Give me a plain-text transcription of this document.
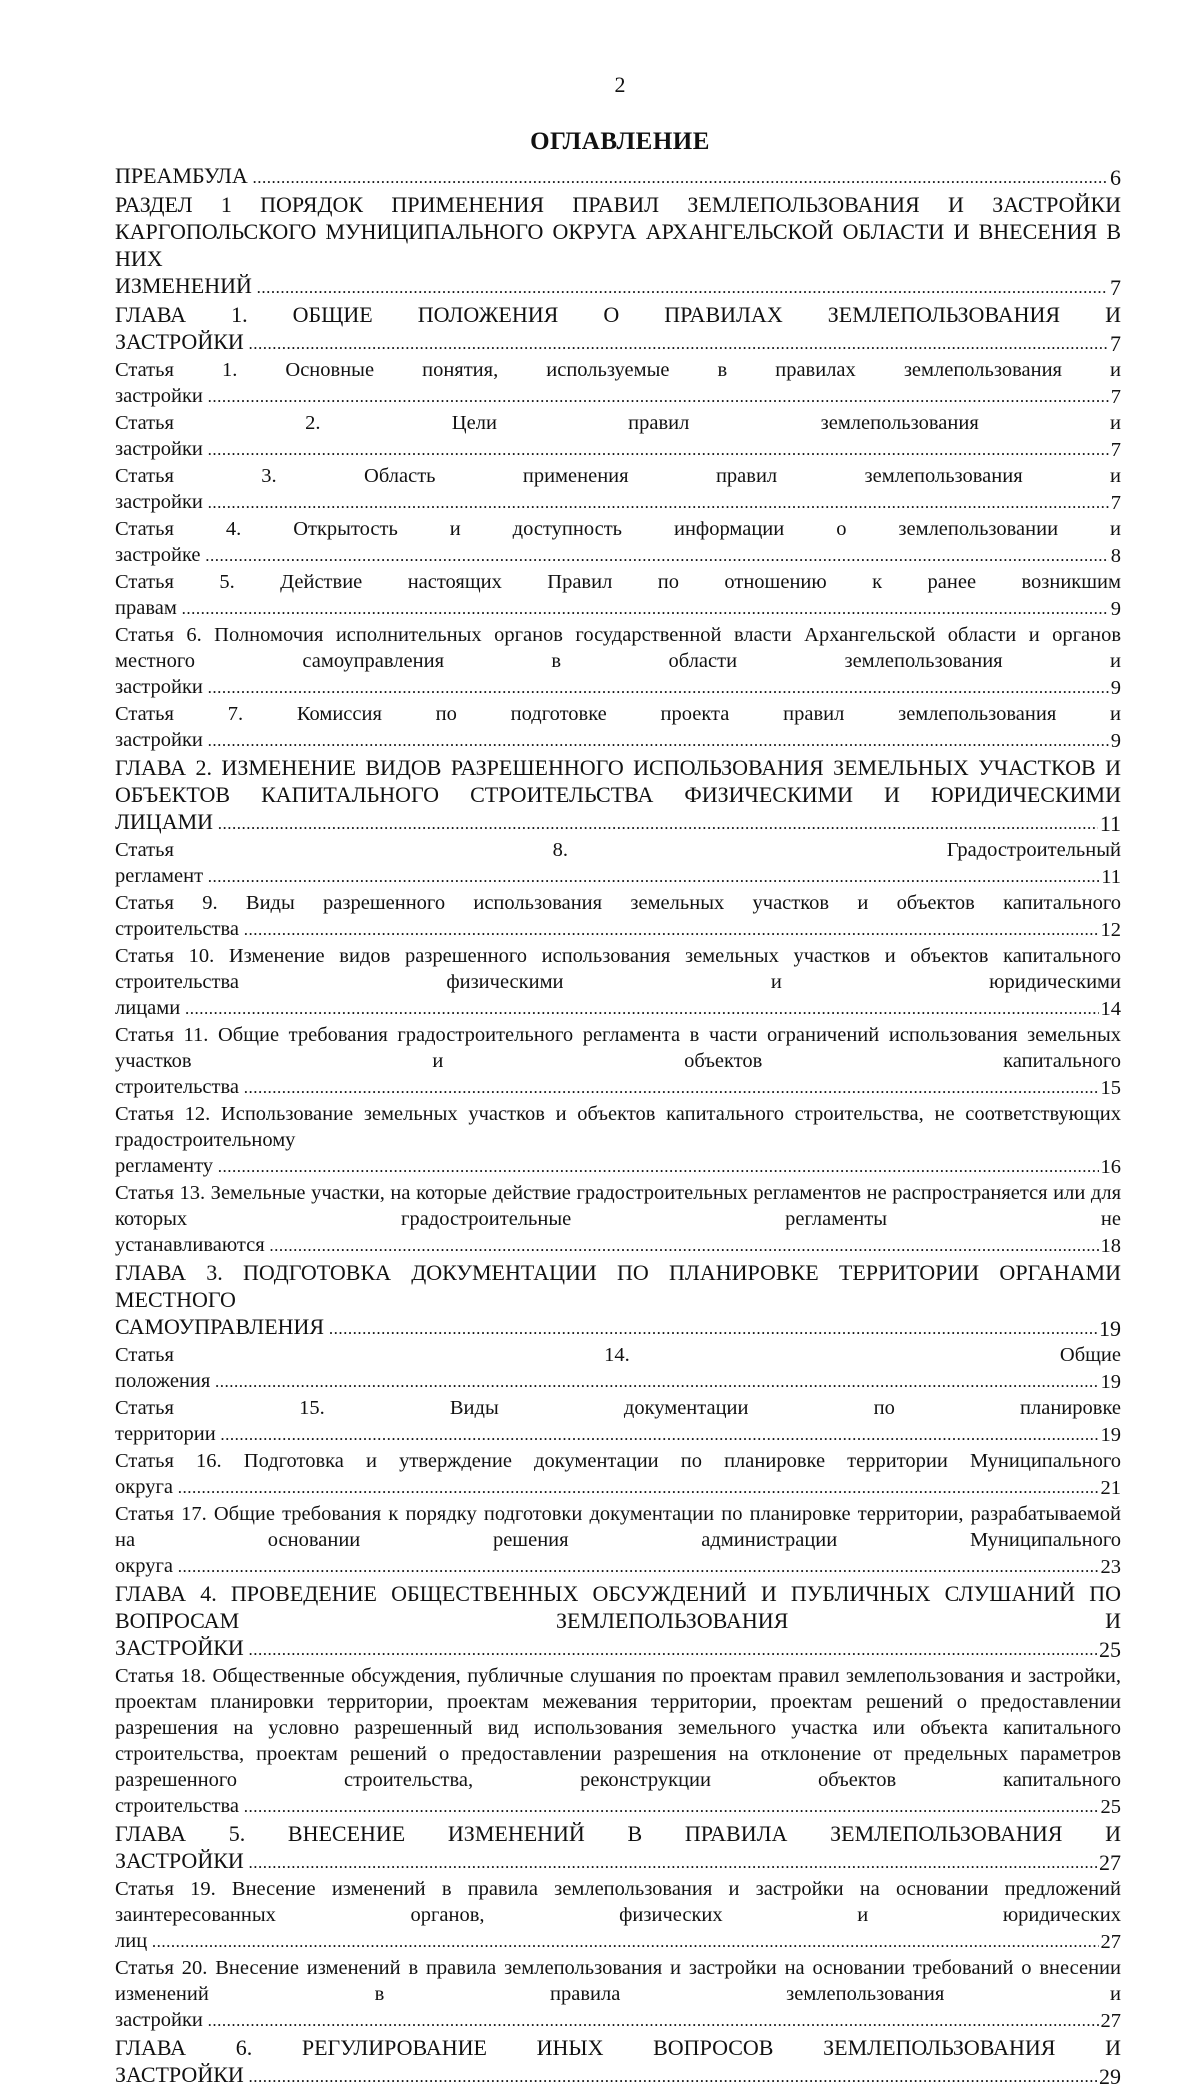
2
ОГЛАВЛЕНИЕ
ПРЕАМБУЛА .....	6
РАЗДЕЛ 1 ПОРЯДОК ПРИМЕНЕНИЯ ПРАВИЛ ЗЕМЛЕПОЛЬЗОВАНИЯ И ЗАСТРОЙКИ КАРГОПОЛЬСКОГО МУНИЦИПАЛЬНОГО ОКРУГА АРХАНГЕЛЬСКОЙ ОБЛАСТИ И ВНЕСЕНИЯ В НИХ ИЗМЕНЕНИЙ .....	7
ГЛАВА 1. ОБЩИЕ ПОЛОЖЕНИЯ О ПРАВИЛАХ ЗЕМЛЕПОЛЬЗОВАНИЯ И ЗАСТРОЙКИ .....	7
Статья 1. Основные понятия, используемые в правилах землепользования и застройки .....	7
Статья 2. Цели правил землепользования и застройки .....	7
Статья 3. Область применения правил землепользования и застройки .....	7
Статья 4. Открытость и доступность информации о землепользовании и застройке .....	8
Статья 5. Действие настоящих Правил по отношению к ранее возникшим правам .....	9
Статья 6. Полномочия исполнительных органов государственной власти Архангельской области и органов местного самоуправления в области землепользования и застройки .....	9
Статья 7. Комиссия по подготовке проекта правил землепользования и застройки .....	9
ГЛАВА 2. ИЗМЕНЕНИЕ ВИДОВ РАЗРЕШЕННОГО ИСПОЛЬЗОВАНИЯ ЗЕМЕЛЬНЫХ УЧАСТКОВ И ОБЪЕКТОВ КАПИТАЛЬНОГО СТРОИТЕЛЬСТВА ФИЗИЧЕСКИМИ И ЮРИДИЧЕСКИМИ ЛИЦАМИ .....	11
Статья 8. Градостроительный регламент .....	11
Статья 9. Виды разрешенного использования земельных участков и объектов капитального строительства .....	12
Статья 10. Изменение видов разрешенного использования земельных участков и объектов капитального строительства физическими и юридическими лицами .....	14
Статья 11. Общие требования градостроительного регламента в части ограничений использования земельных участков и объектов капитального строительства .....	15
Статья 12. Использование земельных участков и объектов капитального строительства, не соответствующих градостроительному регламенту .....	16
Статья 13. Земельные участки, на которые действие градостроительных регламентов не распространяется или для которых градостроительные регламенты не устанавливаются .....	18
ГЛАВА 3. ПОДГОТОВКА ДОКУМЕНТАЦИИ ПО ПЛАНИРОВКЕ ТЕРРИТОРИИ ОРГАНАМИ МЕСТНОГО САМОУПРАВЛЕНИЯ .....	19
Статья 14. Общие положения .....	19
Статья 15. Виды документации по планировке территории .....	19
Статья 16. Подготовка и утверждение документации по планировке территории Муниципального округа .....	21
Статья 17. Общие требования к порядку подготовки документации по планировке территории, разрабатываемой на основании решения администрации Муниципального округа .....	23
ГЛАВА 4. ПРОВЕДЕНИЕ ОБЩЕСТВЕННЫХ ОБСУЖДЕНИЙ И ПУБЛИЧНЫХ СЛУШАНИЙ ПО ВОПРОСАМ ЗЕМЛЕПОЛЬЗОВАНИЯ И ЗАСТРОЙКИ .....	25
Статья 18. Общественные обсуждения, публичные слушания по проектам правил землепользования и застройки, проектам планировки территории, проектам межевания территории, проектам решений о предоставлении разрешения на условно разрешенный вид использования земельного участка или объекта капитального строительства, проектам решений о предоставлении разрешения на отклонение от предельных параметров разрешенного строительства, реконструкции объектов капитального строительства .....	25
ГЛАВА 5. ВНЕСЕНИЕ ИЗМЕНЕНИЙ В ПРАВИЛА ЗЕМЛЕПОЛЬЗОВАНИЯ И ЗАСТРОЙКИ .....	27
Статья 19. Внесение изменений в правила землепользования и застройки на основании предложений заинтересованных органов, физических и юридических лиц .....	27
Статья 20. Внесение изменений в правила землепользования и застройки на основании требований о внесении изменений в правила землепользования и застройки .....	27
ГЛАВА 6. РЕГУЛИРОВАНИЕ ИНЫХ ВОПРОСОВ ЗЕМЛЕПОЛЬЗОВАНИЯ И ЗАСТРОЙКИ .....	29
